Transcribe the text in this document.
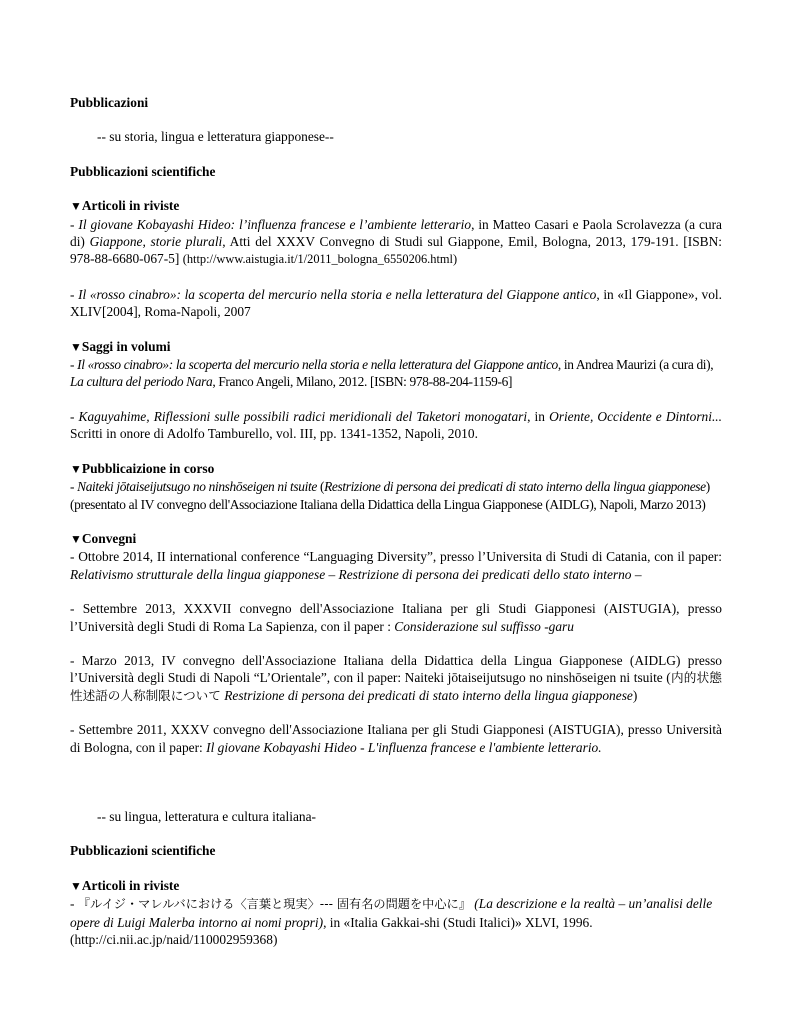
Pubblicazioni

-- su storia, lingua e letteratura giapponese--

Pubblicazioni scientifiche

▼Articoli in riviste

- Il giovane Kobayashi Hideo: l’influenza francese e l’ambiente letterario, in Matteo Casari e Paola Scrolavezza (a cura di) Giappone, storie plurali, Atti del XXXV Convegno di Studi sul Giappone, Emil, Bologna, 2013, 179-191. [ISBN: 978-88-6680-067-5] (http://www.aistugia.it/1/2011_bologna_6550206.html)

- Il «rosso cinabro»: la scoperta del mercurio nella storia e nella letteratura del Giappone antico, in «Il Giappone», vol. XLIV[2004], Roma-Napoli, 2007

▼Saggi in volumi

- Il «rosso cinabro»: la scoperta del mercurio nella storia e nella letteratura del Giappone antico, in Andrea Maurizi (a cura di), La cultura del periodo Nara, Franco Angeli, Milano, 2012. [ISBN: 978-88-204-1159-6]

- Kaguyahime, Riflessioni sulle possibili radici meridionali del Taketori monogatari, in Oriente, Occidente e Dintorni... Scritti in onore di Adolfo Tamburello, vol. III, pp. 1341-1352, Napoli, 2010.

▼Pubblicaizione in corso

- Naiteki jōtaiseijutsugo no ninshōseigen ni tsuite (Restrizione di persona dei predicati di stato interno della lingua giapponese) (presentato al IV convegno dell'Associazione Italiana della Didattica della Lingua Giapponese (AIDLG), Napoli, Marzo 2013)

▼Convegni

- Ottobre 2014, II international conference “Languaging Diversity”, presso l’Universita di Studi di Catania, con il paper: Relativismo strutturale della lingua giapponese – Restrizione di persona dei predicati dello stato interno –

- Settembre 2013, XXXVII convegno dell'Associazione Italiana per gli Studi Giapponesi (AISTUGIA), presso l’Università degli Studi di Roma La Sapienza, con il paper : Considerazione sul suffisso -garu

- Marzo 2013, IV convegno dell'Associazione Italiana della Didattica della Lingua Giapponese (AIDLG) presso l’Università degli Studi di Napoli “L’Orientale”, con il paper: Naiteki jōtaiseijutsugo no ninshōseigen ni tsuite (内的状態性述語の人称制限について Restrizione di persona dei predicati di stato interno della lingua giapponese)

- Settembre 2011, XXXV convegno dell'Associazione Italiana per gli Studi Giapponesi (AISTUGIA), presso Università di Bologna, con il paper: Il giovane Kobayashi Hideo - L'influenza francese e l'ambiente letterario.

-- su lingua, letteratura e cultura italiana-

Pubblicazioni scientifiche

▼Articoli in riviste

- 『ルイジ・マレルバにおける〈言葉と現実〉--- 固有名の問題を中心に』 (La descrizione e la realtà – un’analisi delle opere di Luigi Malerba intorno ai nomi propri), in «Italia Gakkai-shi (Studi Italici)» XLVI, 1996.
(http://ci.nii.ac.jp/naid/110002959368)
